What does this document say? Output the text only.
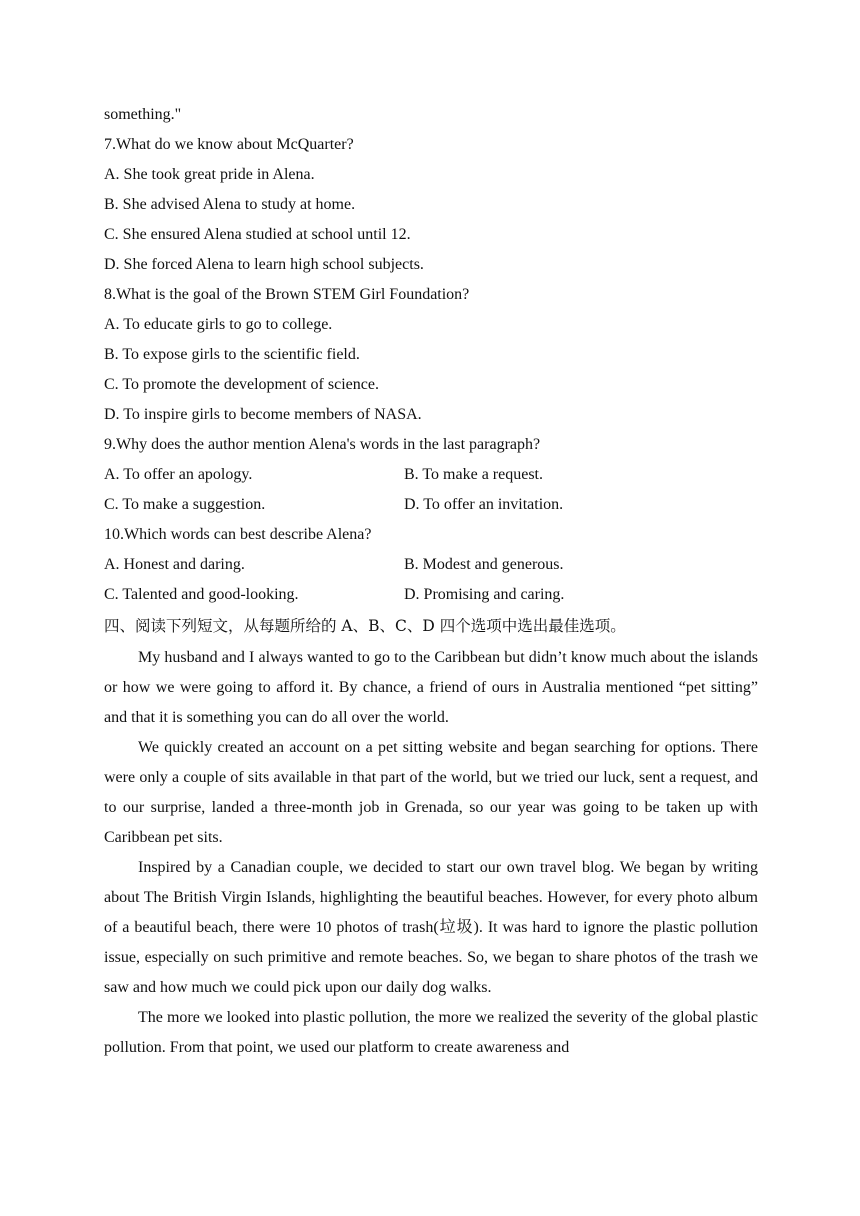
something."
7.What do we know about McQuarter?
A. She took great pride in Alena.
B. She advised Alena to study at home.
C. She ensured Alena studied at school until 12.
D. She forced Alena to learn high school subjects.
8.What is the goal of the Brown STEM Girl Foundation?
A. To educate girls to go to college.
B. To expose girls to the scientific field.
C. To promote the development of science.
D. To inspire girls to become members of NASA.
9.Why does the author mention Alena's words in the last paragraph?
A. To offer an apology.	B. To make a request.
C. To make a suggestion.	D. To offer an invitation.
10.Which words can best describe Alena?
A. Honest and daring.	B. Modest and generous.
C. Talented and good-looking.	D. Promising and caring.
四、阅读下列短文，从每题所给的 A、B、C、D 四个选项中选出最佳选项。

My husband and I always wanted to go to the Caribbean but didn’t know much about the islands or how we were going to afford it. By chance, a friend of ours in Australia mentioned “pet sitting” and that it is something you can do all over the world.

We quickly created an account on a pet sitting website and began searching for options. There were only a couple of sits available in that part of the world, but we tried our luck, sent a request, and to our surprise, landed a three-month job in Grenada, so our year was going to be taken up with Caribbean pet sits.

Inspired by a Canadian couple, we decided to start our own travel blog. We began by writing about The British Virgin Islands, highlighting the beautiful beaches. However, for every photo album of a beautiful beach, there were 10 photos of trash(垃圾). It was hard to ignore the plastic pollution issue, especially on such primitive and remote beaches. So, we began to share photos of the trash we saw and how much we could pick upon our daily dog walks.

The more we looked into plastic pollution, the more we realized the severity of the global plastic pollution. From that point, we used our platform to create awareness and
